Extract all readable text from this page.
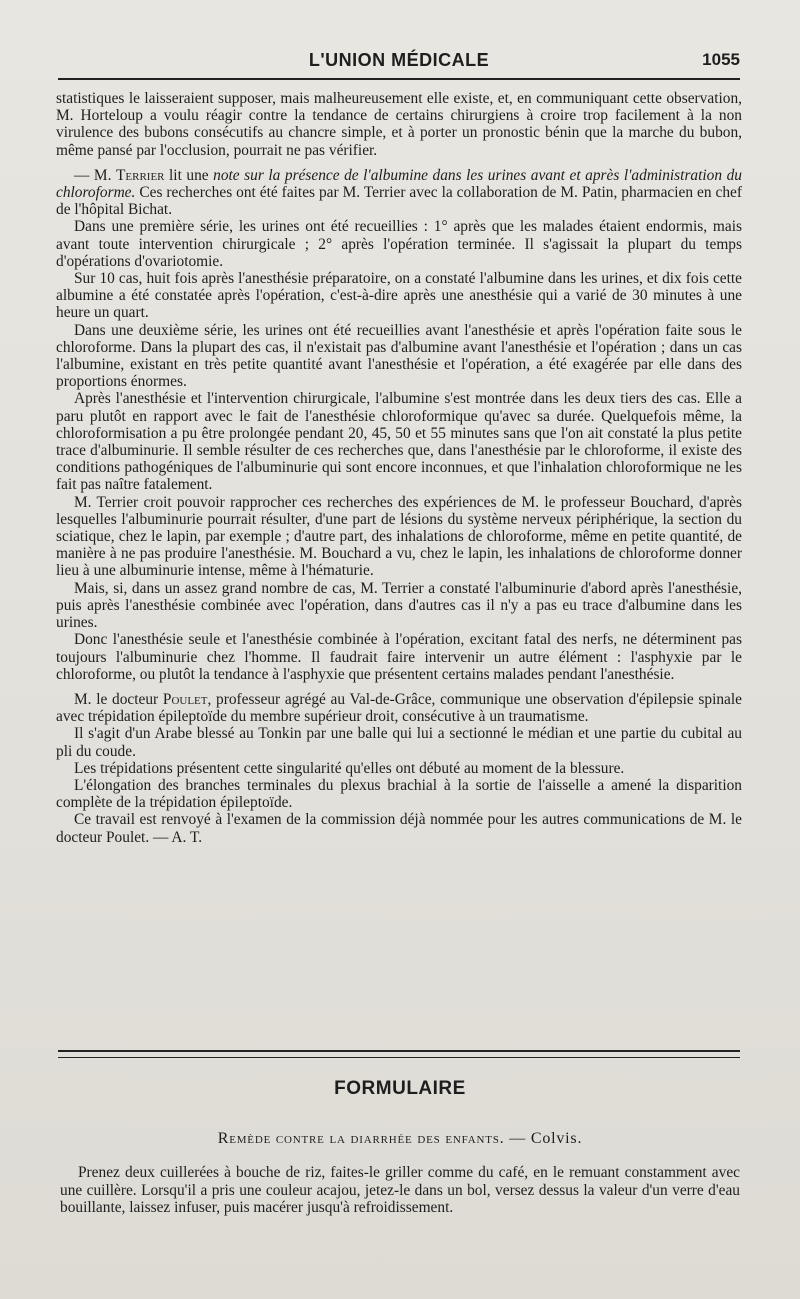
L'UNION MÉDICALE	1055

statistiques le laisseraient supposer, mais malheureusement elle existe, et, en communiquant cette observation, M. Horteloup a voulu réagir contre la tendance de certains chirurgiens à croire trop facilement à la non virulence des bubons consécutifs au chancre simple, et à porter un pronostic bénin que la marche du bubon, même pansé par l'occlusion, pourrait ne pas vérifier.

— M. Terrier lit une note sur la présence de l'albumine dans les urines avant et après l'administration du chloroforme. Ces recherches ont été faites par M. Terrier avec la collaboration de M. Patin, pharmacien en chef de l'hôpital Bichat.

Dans une première série, les urines ont été recueillies : 1° après que les malades étaient endormis, mais avant toute intervention chirurgicale ; 2° après l'opération terminée. Il s'agissait la plupart du temps d'opérations d'ovariotomie.

Sur 10 cas, huit fois après l'anesthésie préparatoire, on a constaté l'albumine dans les urines, et dix fois cette albumine a été constatée après l'opération, c'est-à-dire après une anesthésie qui a varié de 30 minutes à une heure un quart.

Dans une deuxième série, les urines ont été recueillies avant l'anesthésie et après l'opération faite sous le chloroforme. Dans la plupart des cas, il n'existait pas d'albumine avant l'anesthésie et l'opération ; dans un cas l'albumine, existant en très petite quantité avant l'anesthésie et l'opération, a été exagérée par elle dans des proportions énormes.

Après l'anesthésie et l'intervention chirurgicale, l'albumine s'est montrée dans les deux tiers des cas. Elle a paru plutôt en rapport avec le fait de l'anesthésie chloroformique qu'avec sa durée. Quelquefois même, la chloroformisation a pu être prolongée pendant 20, 45, 50 et 55 minutes sans que l'on ait constaté la plus petite trace d'albuminurie. Il semble résulter de ces recherches que, dans l'anesthésie par le chloroforme, il existe des conditions pathogéniques de l'albuminurie qui sont encore inconnues, et que l'inhalation chloroformique ne les fait pas naître fatalement.

M. Terrier croit pouvoir rapprocher ces recherches des expériences de M. le professeur Bouchard, d'après lesquelles l'albuminurie pourrait résulter, d'une part de lésions du système nerveux périphérique, la section du sciatique, chez le lapin, par exemple ; d'autre part, des inhalations de chloroforme, même en petite quantité, de manière à ne pas produire l'anesthésie. M. Bouchard a vu, chez le lapin, les inhalations de chloroforme donner lieu à une albuminurie intense, même à l'hématurie.

Mais, si, dans un assez grand nombre de cas, M. Terrier a constaté l'albuminurie d'abord après l'anesthésie, puis après l'anesthésie combinée avec l'opération, dans d'autres cas il n'y a pas eu trace d'albumine dans les urines.

Donc l'anesthésie seule et l'anesthésie combinée à l'opération, excitant fatal des nerfs, ne déterminent pas toujours l'albuminurie chez l'homme. Il faudrait faire intervenir un autre élément : l'asphyxie par le chloroforme, ou plutôt la tendance à l'asphyxie que présentent certains malades pendant l'anesthésie.

M. le docteur Poulet, professeur agrégé au Val-de-Grâce, communique une observation d'épilepsie spinale avec trépidation épileptoïde du membre supérieur droit, consécutive à un traumatisme.

Il s'agit d'un Arabe blessé au Tonkin par une balle qui lui a sectionné le médian et une partie du cubital au pli du coude.

Les trépidations présentent cette singularité qu'elles ont débuté au moment de la blessure.

L'élongation des branches terminales du plexus brachial à la sortie de l'aisselle a amené la disparition complète de la trépidation épileptoïde.

Ce travail est renvoyé à l'examen de la commission déjà nommée pour les autres communications de M. le docteur Poulet. — A. T.

FORMULAIRE
Remède contre la diarrhée des enfants. — Colvis.

Prenez deux cuillerées à bouche de riz, faites-le griller comme du café, en le remuant constamment avec une cuillère. Lorsqu'il a pris une couleur acajou, jetez-le dans un bol, versez dessus la valeur d'un verre d'eau bouillante, laissez infuser, puis macérer jusqu'à refroidissement.
